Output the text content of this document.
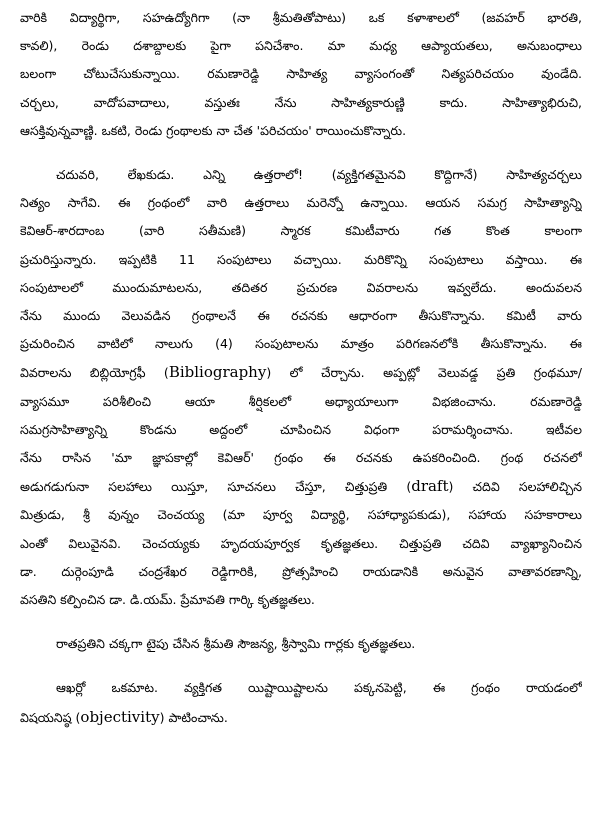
వారికి విద్యార్థిగా, సహఉద్యోగిగా (నా శ్రీమతితోపాటు) ఒక కళాశాలలో (జవహర్ భారతి,
కావలి), రెండు దశాబ్దాలకు పైగా పనిచేశాం. మా మధ్య ఆప్యాయతలు, అనుబంధాలు
బలంగా చోటుచేసుకున్నాయి. రమణారెడ్డి సాహిత్య వ్యాసంగంతో నిత్యపరిచయం వుండేది.
చర్చలు, వాదోపవాదాలు, వస్తుతః నేను సాహిత్యకారుణ్ణి కాదు. సాహిత్యాభిరుచి,
ఆసక్తివున్నవాణ్ణి. ఒకటి, రెండు గ్రంథాలకు నా చేత 'పరిచయం' రాయించుకొన్నారు.

చదువరి, లేఖకుడు. ఎన్ని ఉత్తరాలో! (వ్యక్తిగతమైనవి కొద్దిగానే) సాహిత్యచర్చలు
నిత్యం సాగేవి. ఈ గ్రంథంలో వారి ఉత్తరాలు మరెన్నో ఉన్నాయి. ఆయన సమగ్ర సాహిత్యాన్ని
కెవిఆర్-శారదాంబ (వారి సతీమణి) స్మారక కమిటీవారు గత కొంత కాలంగా
ప్రచురిస్తున్నారు. ఇప్పటికి 11 సంపుటాలు వచ్చాయి. మరికొన్ని సంపుటాలు వస్తాయి. ఈ
సంపుటాలలో ముందుమాటలను, తదితర ప్రచురణ వివరాలను ఇవ్వలేదు. అందువలన
నేను ముందు వెలువడిన గ్రంథాలనే ఈ రచనకు ఆధారంగా తీసుకొన్నాను. కమిటీ వారు
ప్రచురించిన వాటిలో నాలుగు (4) సంపుటాలను మాత్రం పరిగణనలోకి తీసుకొన్నాను. ఈ
వివరాలను బిబ్లియోగ్రఫీ (Bibliography) లో చేర్చాను. అప్పట్లో వెలువడ్డ ప్రతి గ్రంథమూ/
వ్యాసమూ పరిశీలించి ఆయా శీర్షికలలో అధ్యాయాలుగా విభజించాను. రమణారెడ్డి
సమగ్రసాహిత్యాన్ని కొండను అద్దంలో చూపించిన విధంగా పరామర్శించాను. ఇటీవల
నేను రాసిన 'మా జ్ఞాపకాల్లో కెవిఆర్' గ్రంథం ఈ రచనకు ఉపకరించింది. గ్రంథ రచనలో
అడుగడుగునా సలహాలు యిస్తూ, సూచనలు చేస్తూ, చిత్తుప్రతి (draft) చదివి సలహాలిచ్చిన
మిత్రుడు, శ్రీ వున్నం చెంచయ్య (మా పూర్వ విద్యార్థి, సహాధ్యాపకుడు), సహాయ సహకారాలు
ఎంతో విలువైనవి. చెంచయ్యకు హృదయపూర్వక కృతజ్ఞతలు. చిత్తుప్రతి చదివి వ్యాఖ్యానించిన
డా. దుర్గెంపూడి చంద్రశేఖర రెడ్డిగారికి, ప్రోత్సహించి రాయడానికి అనువైన వాతావరణాన్ని,
వసతిని కల్పించిన డా. డి.యమ్. ప్రేమావతి గార్కి కృతజ్ఞతలు.

రాతప్రతిని చక్కగా టైపు చేసిన శ్రీమతి సౌజన్య, శ్రీస్వామి గార్లకు కృతజ్ఞతలు.

ఆఖర్లో ఒకమాట. వ్యక్తిగత యిష్టాయిష్టాలను పక్కనపెట్టి, ఈ గ్రంథం రాయడంలో
విషయనిష్ఠ (objectivity) పాటించాను.
